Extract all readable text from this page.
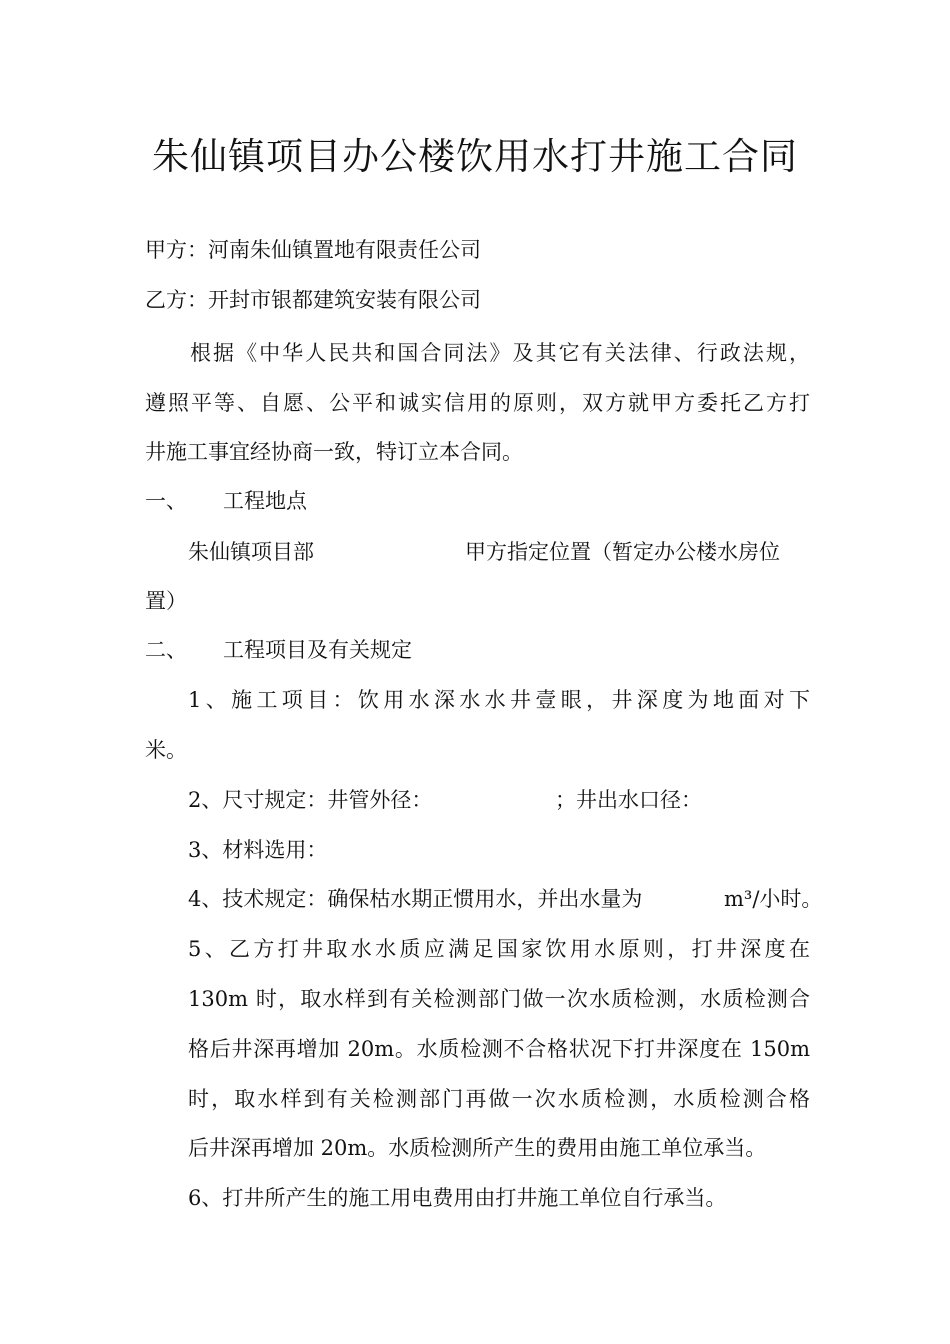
朱仙镇项目办公楼饮用水打井施工合同
甲方：河南朱仙镇置地有限责任公司
乙方：开封市银都建筑安装有限公司
根据《中华人民共和国合同法》及其它有关法律、行政法规，
遵照平等、自愿、公平和诚实信用的原则，双方就甲方委托乙方打
井施工事宜经协商一致，特订立本合同。
一、 工程地点
朱仙镇项目部	甲方指定位置（暂定办公楼水房位
置）
二、 工程项目及有关规定
1、施工项目：饮用水深水水井壹眼，井深度为地面对下
米。
2、尺寸规定：井管外径：	；井出水口径：
3、材料选用：
4、技术规定：确保枯水期正惯用水，并出水量为	m³/小时。
5、乙方打井取水水质应满足国家饮用水原则，打井深度在
130m 时，取水样到有关检测部门做一次水质检测，水质检测合
格后井深再增加 20m。水质检测不合格状况下打井深度在 150m
时，取水样到有关检测部门再做一次水质检测，水质检测合格
后井深再增加 20m。水质检测所产生的费用由施工单位承当。
6、打井所产生的施工用电费用由打井施工单位自行承当。
